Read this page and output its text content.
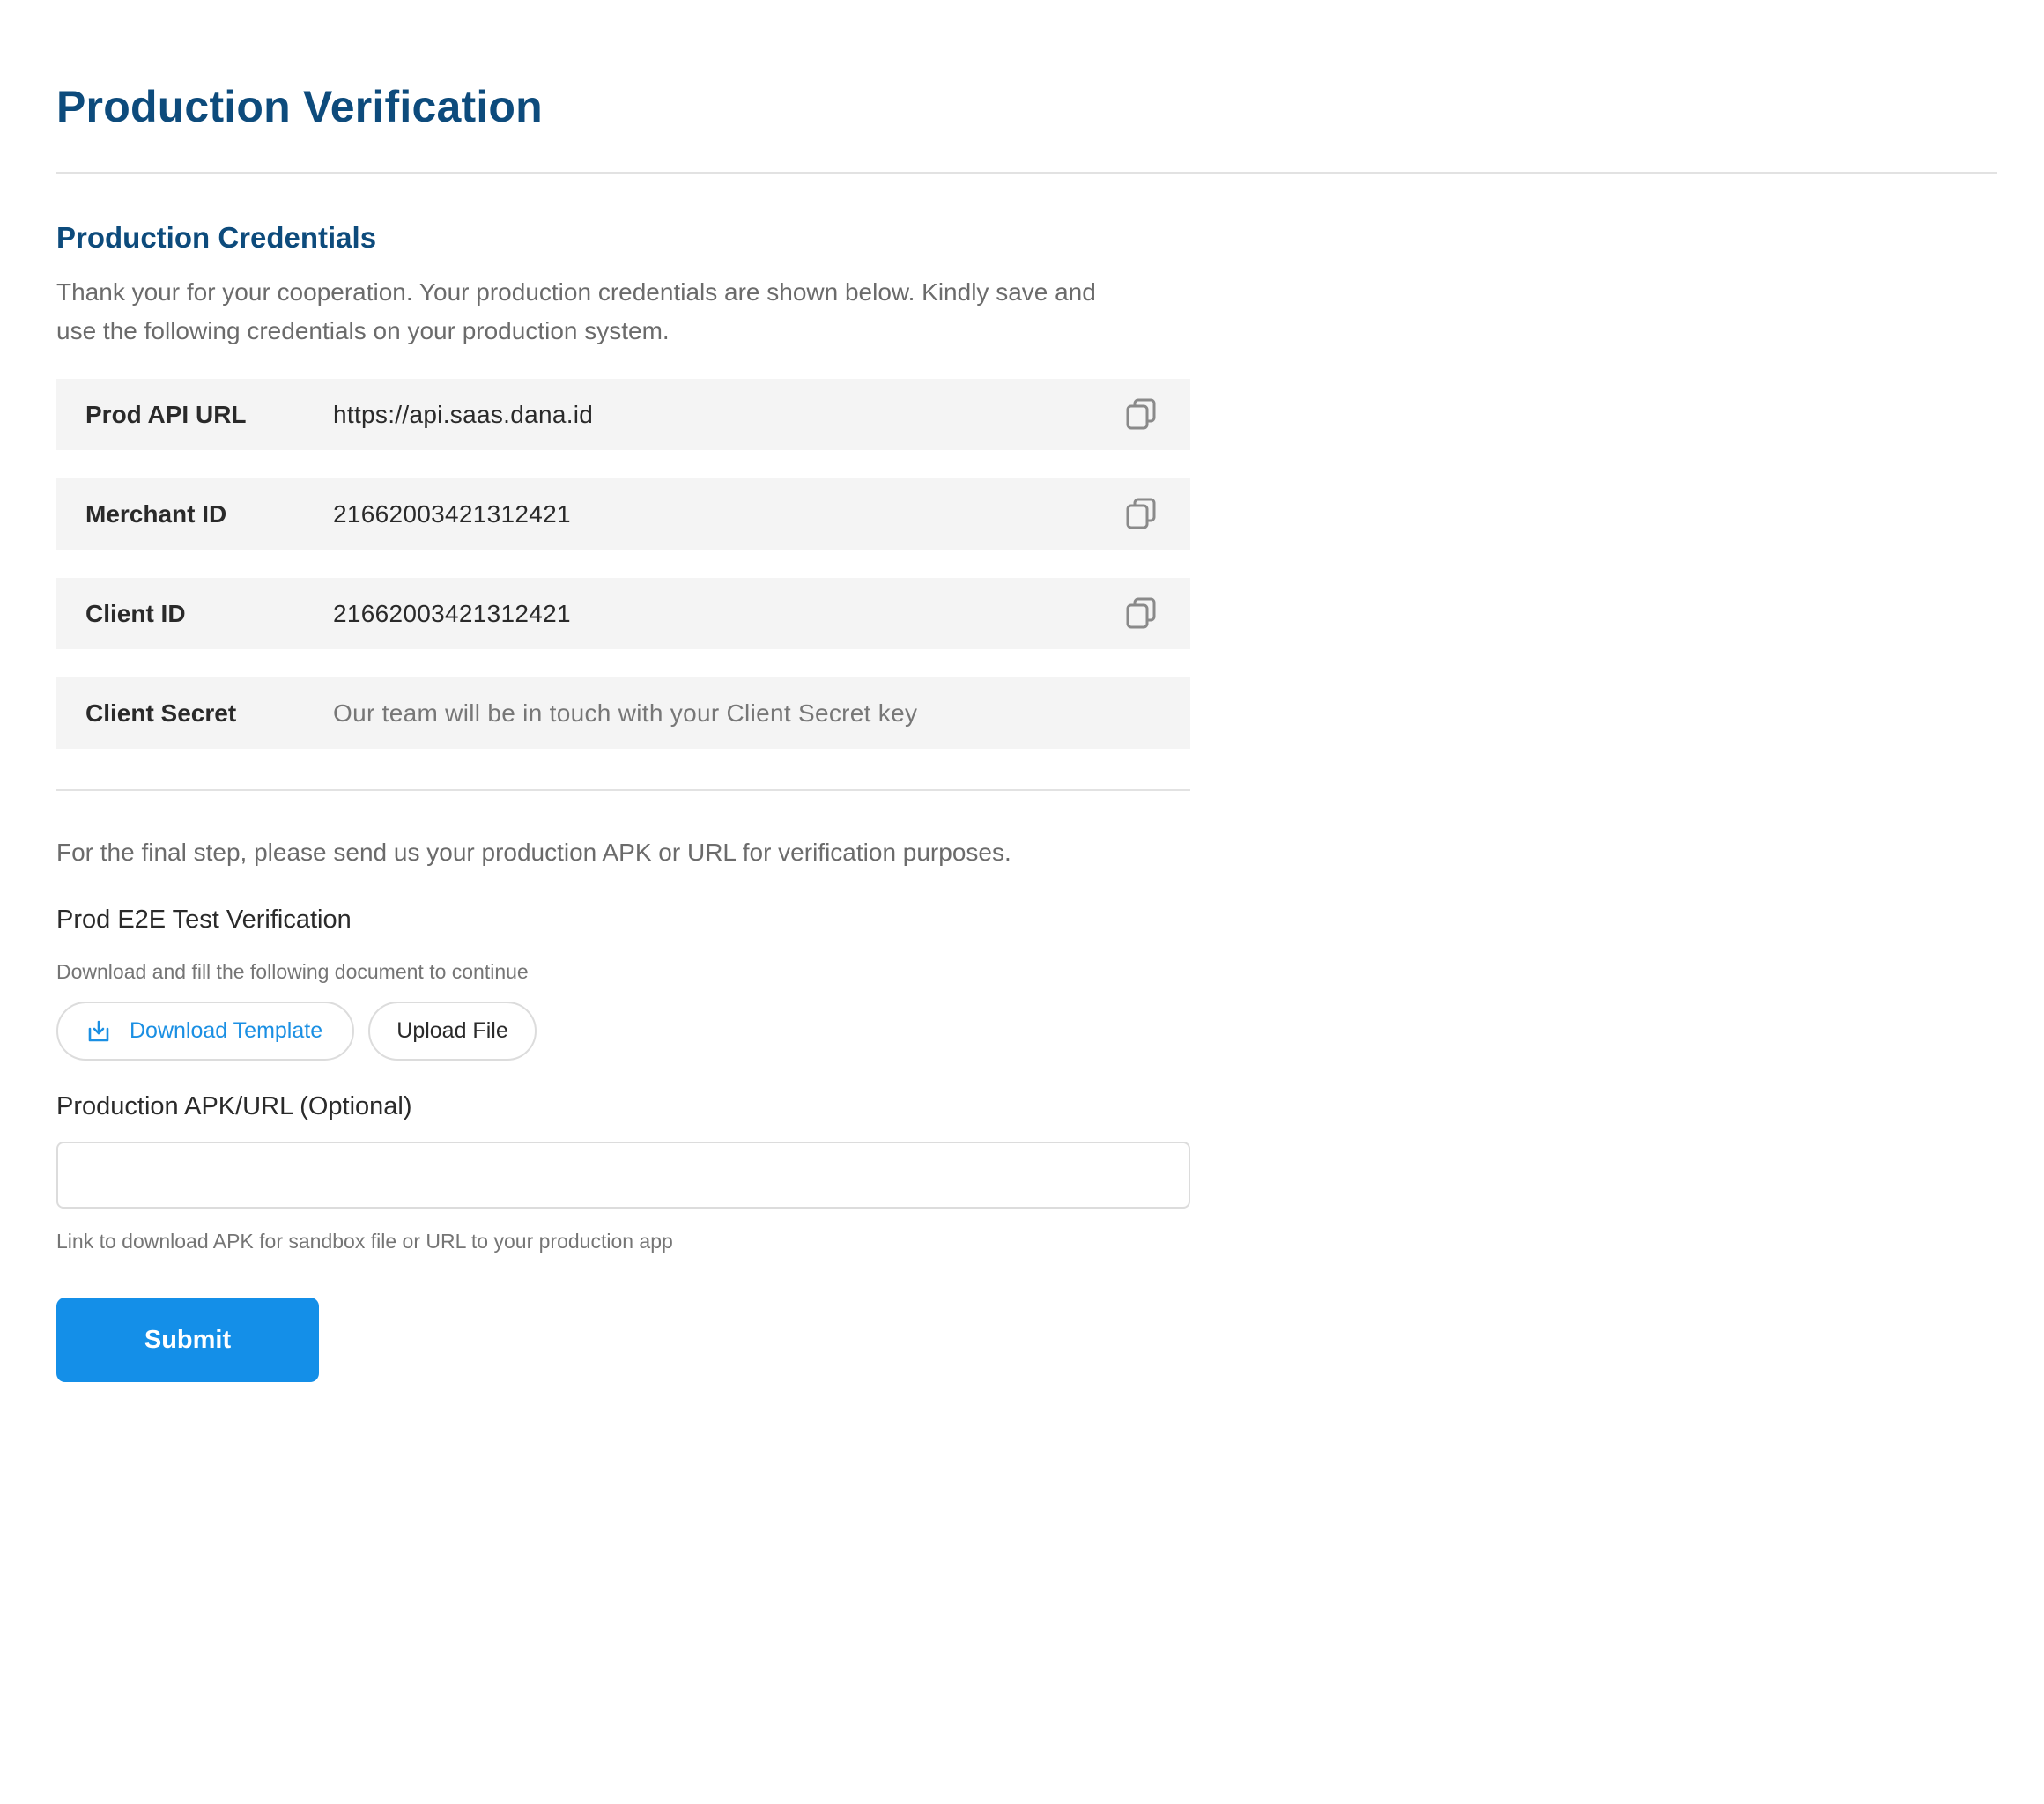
Production Verification
Production Credentials

Thank your for your cooperation. Your production credentials are shown below. Kindly save and use the following credentials on your production system.

Prod API URL	https://api.saas.dana.id
Merchant ID	21662003421312421
Client ID	21662003421312421
Client Secret	Our team will be in touch with your Client Secret key

For the final step, please send us your production APK or URL for verification purposes.

Prod E2E Test Verification

Download and fill the following document to continue

Download Template	Upload File
Production APK/URL (Optional)

Link to download APK for sandbox file or URL to your production app

Submit
